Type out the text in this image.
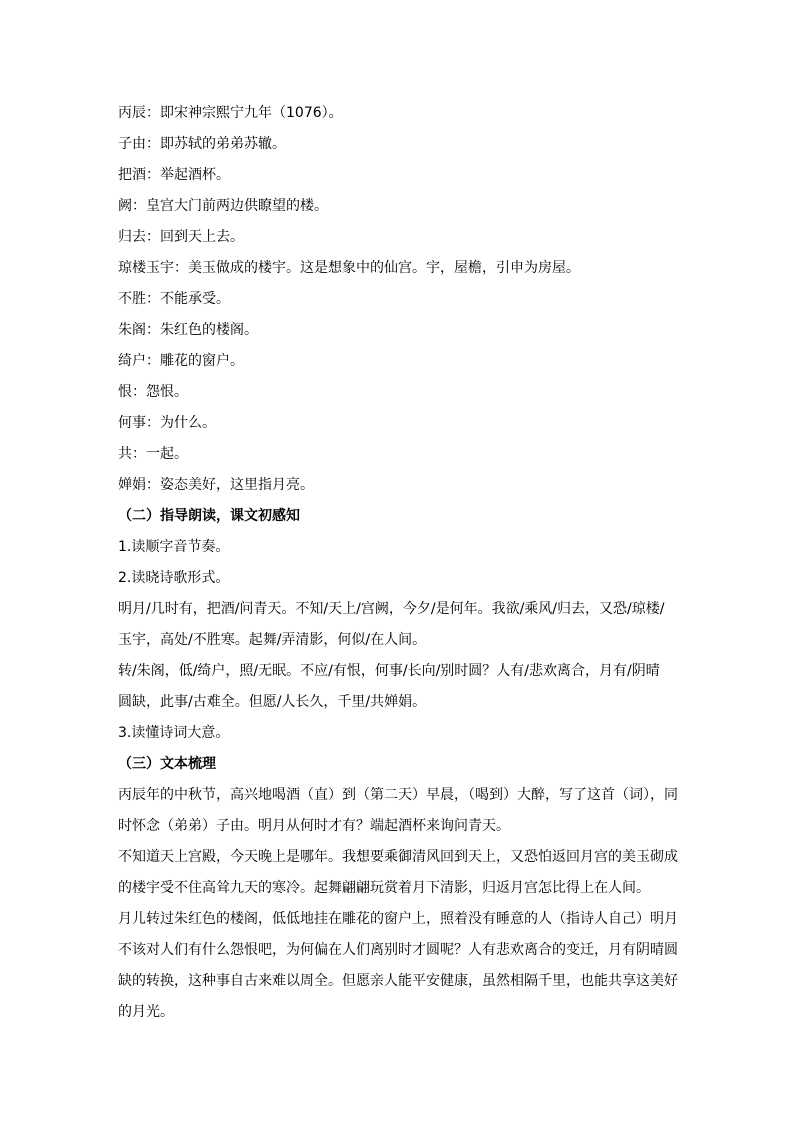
丙辰：即宋神宗熙宁九年（1076）。
子由：即苏轼的弟弟苏辙。
把酒：举起酒杯。
阙：皇宫大门前两边供瞭望的楼。
归去：回到天上去。
琼楼玉宇：美玉做成的楼宇。这是想象中的仙宫。宇，屋檐，引申为房屋。
不胜：不能承受。
朱阁：朱红色的楼阁。
绮户：雕花的窗户。
恨：怨恨。
何事：为什么。
共：一起。
婵娟：姿态美好，这里指月亮。
（二）指导朗读，课文初感知
1.读顺字音节奏。
2.读晓诗歌形式。
明月/几时有，把酒/问青天。不知/天上/宫阙，今夕/是何年。我欲/乘风/归去，又恐/琼楼/
玉宇，高处/不胜寒。起舞/弄清影，何似/在人间。
转/朱阁，低/绮户，照/无眠。不应/有恨，何事/长向/别时圆？人有/悲欢离合，月有/阴晴
圆缺，此事/古难全。但愿/人长久，千里/共婵娟。
3.读懂诗词大意。
（三）文本梳理
丙辰年的中秋节，高兴地喝酒（直）到（第二天）早晨，（喝到）大醉，写了这首（词），同
时怀念（弟弟）子由。明月从何时才有？端起酒杯来询问青天。
不知道天上宫殿，今天晚上是哪年。我想要乘御清风回到天上，又恐怕返回月宫的美玉砌成
的楼宇受不住高耸九天的寒冷。起舞翩翩玩赏着月下清影，归返月宫怎比得上在人间。
月儿转过朱红色的楼阁，低低地挂在雕花的窗户上，照着没有睡意的人（指诗人自己）明月
不该对人们有什么怨恨吧，为何偏在人们离别时才圆呢？人有悲欢离合的变迁，月有阴晴圆
缺的转换，这种事自古来难以周全。但愿亲人能平安健康，虽然相隔千里，也能共享这美好
的月光。
